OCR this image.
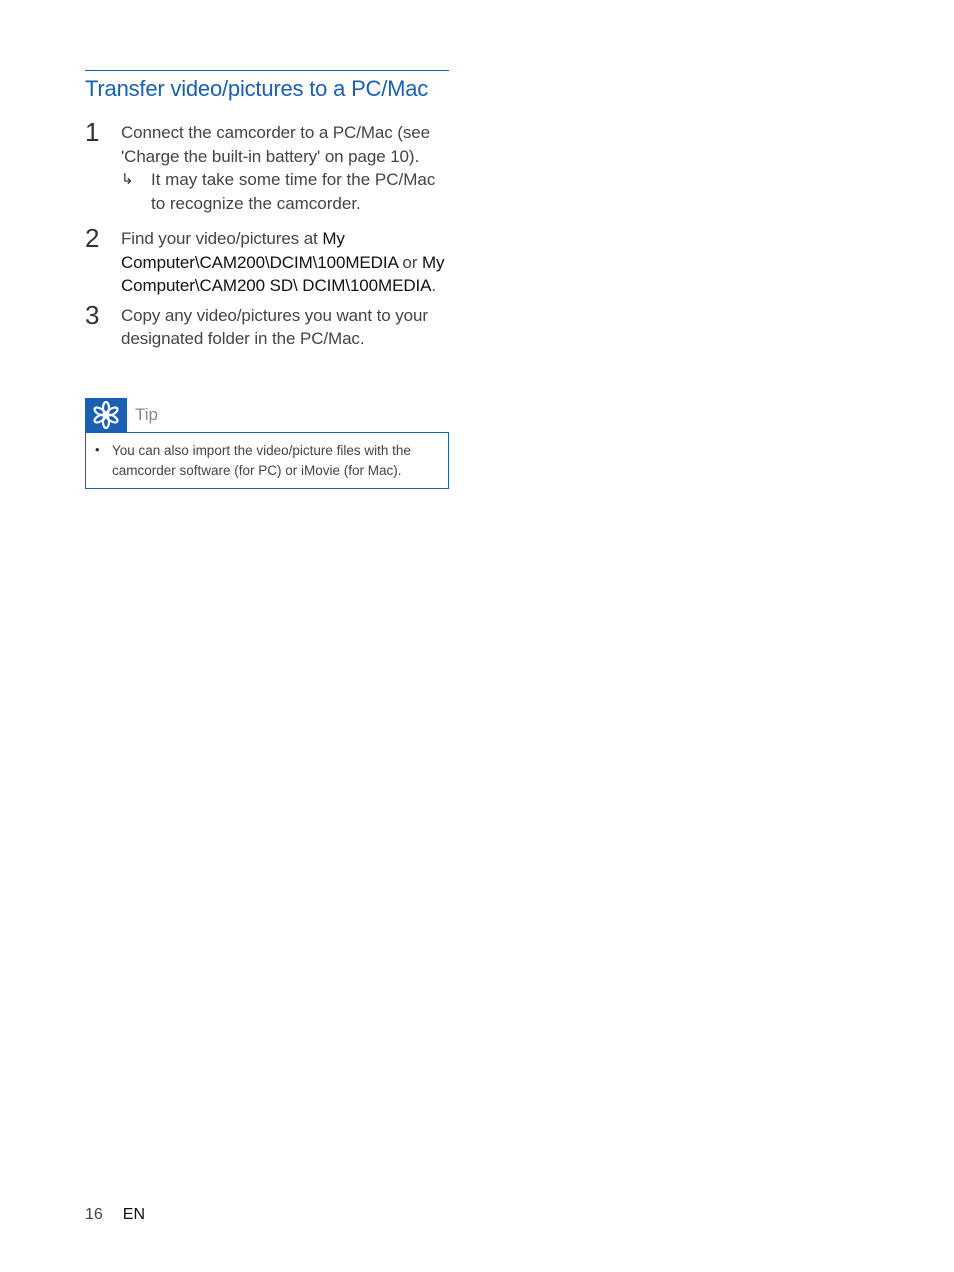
Transfer video/pictures to a PC/Mac
1 Connect the camcorder to a PC/Mac (see 'Charge the built-in battery' on page 10).
↳ It may take some time for the PC/Mac to recognize the camcorder.
2 Find your video/pictures at My Computer\CAM200\DCIM\100MEDIA or My Computer\CAM200 SD\ DCIM\100MEDIA.
3 Copy any video/pictures you want to your designated folder in the PC/Mac.
Tip
• You can also import the video/picture files with the camcorder software (for PC) or iMovie (for Mac).
16 EN
